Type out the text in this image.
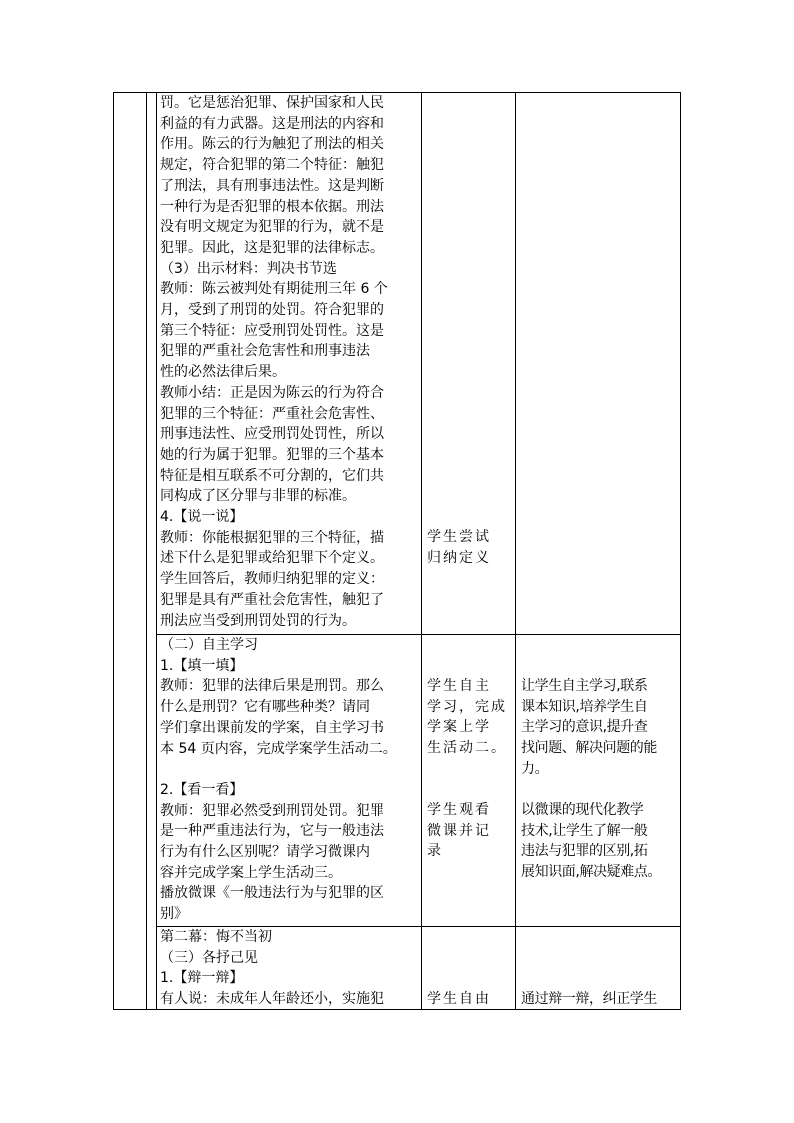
罚。它是惩治犯罪、保护国家和人民

利益的有力武器。这是刑法的内容和

作用。陈云的行为触犯了刑法的相关

规定，符合犯罪的第二个特征：触犯

了刑法，具有刑事违法性。这是判断

一种行为是否犯罪的根本依据。刑法

没有明文规定为犯罪的行为，就不是

犯罪。因此，这是犯罪的法律标志。

（3）出示材料：判决书节选

教师：陈云被判处有期徒刑三年 6 个

月，受到了刑罚的处罚。符合犯罪的

第三个特征：应受刑罚处罚性。这是

犯罪的严重社会危害性和刑事违法

性的必然法律后果。

教师小结：正是因为陈云的行为符合

犯罪的三个特征：严重社会危害性、

刑事违法性、应受刑罚处罚性，所以

她的行为属于犯罪。犯罪的三个基本

特征是相互联系不可分割的，它们共

同构成了区分罪与非罪的标准。

4.【说一说】

教师：你能根据犯罪的三个特征，描

述下什么是犯罪或给犯罪下个定义。

学生回答后，教师归纳犯罪的定义：

犯罪是具有严重社会危害性，触犯了

刑法应当受到刑罚处罚的行为。

学生尝试

归纳定义

（二）自主学习

1.【填一填】

教师：犯罪的法律后果是刑罚。那么

什么是刑罚？它有哪些种类？请同

学们拿出课前发的学案，自主学习书

本 54 页内容，完成学案学生活动二。

2.【看一看】

教师：犯罪必然受到刑罚处罚。犯罪

是一种严重违法行为，它与一般违法

行为有什么区别呢？请学习微课内

容并完成学案上学生活动三。

播放微课《一般违法行为与犯罪的区

别》

学生自主

学习，完成

学案上学

生活动二。

学生观看

微课并记

录

让学生自主学习,联系

课本知识,培养学生自

主学习的意识,提升查

找问题、解决问题的能

力。

以微课的现代化教学

技术,让学生了解一般

违法与犯罪的区别,拓

展知识面,解决疑难点。

第二幕：悔不当初

（三）各抒己见

1.【辩一辩】

有人说：未成年人年龄还小，实施犯	学生自由	通过辩一辩，纠正学生
